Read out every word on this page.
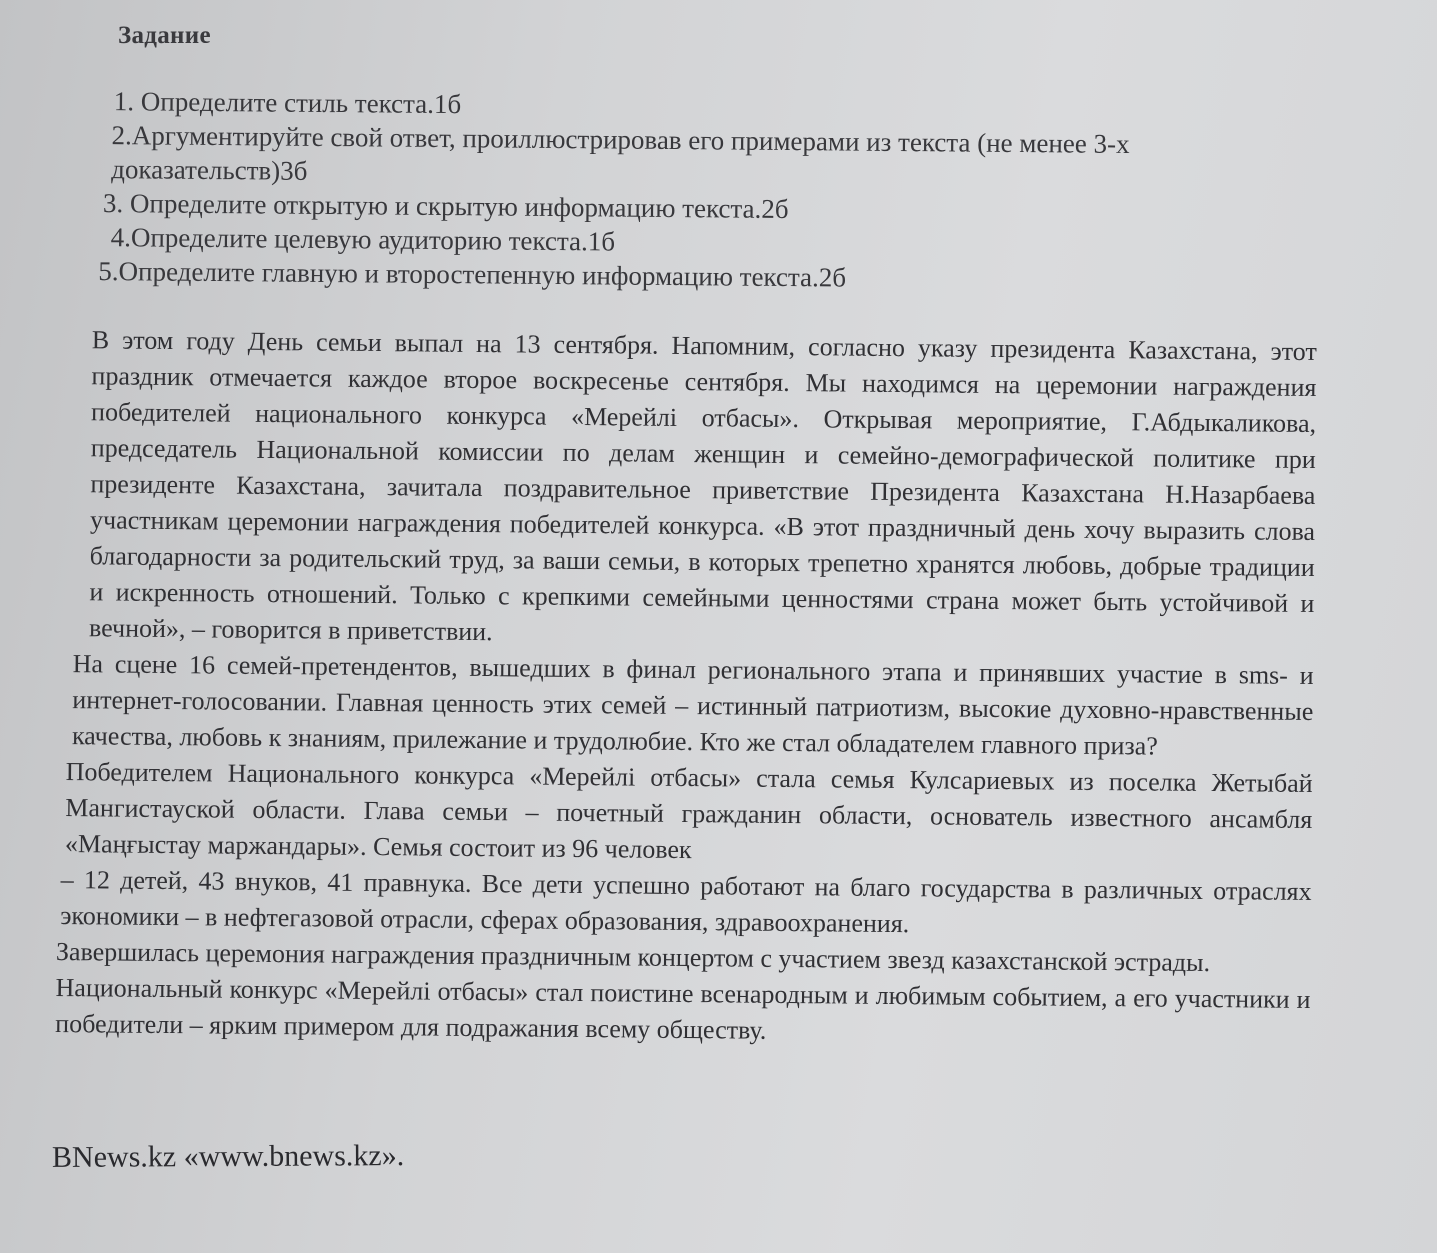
Задание
1. Определите стиль текста.1б
2.Аргументируйте свой ответ, проиллюстрировав его примерами из текста (не менее 3-х доказательств)3б
3. Определите открытую и скрытую информацию текста.2б
4.Определите целевую аудиторию текста.1б
5.Определите главную и второстепенную информацию текста.2б

В этом году День семьи выпал на 13 сентября. Напомним, согласно указу президента Казахстана, этот праздник отмечается каждое второе воскресенье сентября. Мы находимся на церемонии награждения победителей национального конкурса «Мерейлі отбасы». Открывая мероприятие, Г.Абдыкаликова, председатель Национальной комиссии по делам женщин и семейно-демографической политике при президенте Казахстана, зачитала поздравительное приветствие Президента Казахстана Н.Назарбаева участникам церемонии награждения победителей конкурса. «В этот праздничный день хочу выразить слова благодарности за родительский труд, за ваши семьи, в которых трепетно хранятся любовь, добрые традиции и искренность отношений. Только с крепкими семейными ценностями страна может быть устойчивой и вечной», – говорится в приветствии.

На сцене 16 семей-претендентов, вышедших в финал регионального этапа и принявших участие в sms- и интернет-голосовании. Главная ценность этих семей – истинный патриотизм, высокие духовно-нравственные качества, любовь к знаниям, прилежание и трудолюбие. Кто же стал обладателем главного приза?

Победителем Национального конкурса «Мерейлі отбасы» стала семья Кулсариевых из поселка Жетыбай Мангистауской области. Глава семьи – почетный гражданин области, основатель известного ансамбля «Маңғыстау маржандары». Семья состоит из 96 человек

– 12 детей, 43 внуков, 41 правнука. Все дети успешно работают на благо государства в различных отраслях экономики – в нефтегазовой отрасли, сферах образования, здравоохранения.

Завершилась церемония награждения праздничным концертом с участием звезд казахстанской эстрады.

Национальный конкурс «Мерейлі отбасы» стал поистине всенародным и любимым событием, а его участники и победители – ярким примером для подражания всему обществу.

BNews.kz «www.bnews.kz».
